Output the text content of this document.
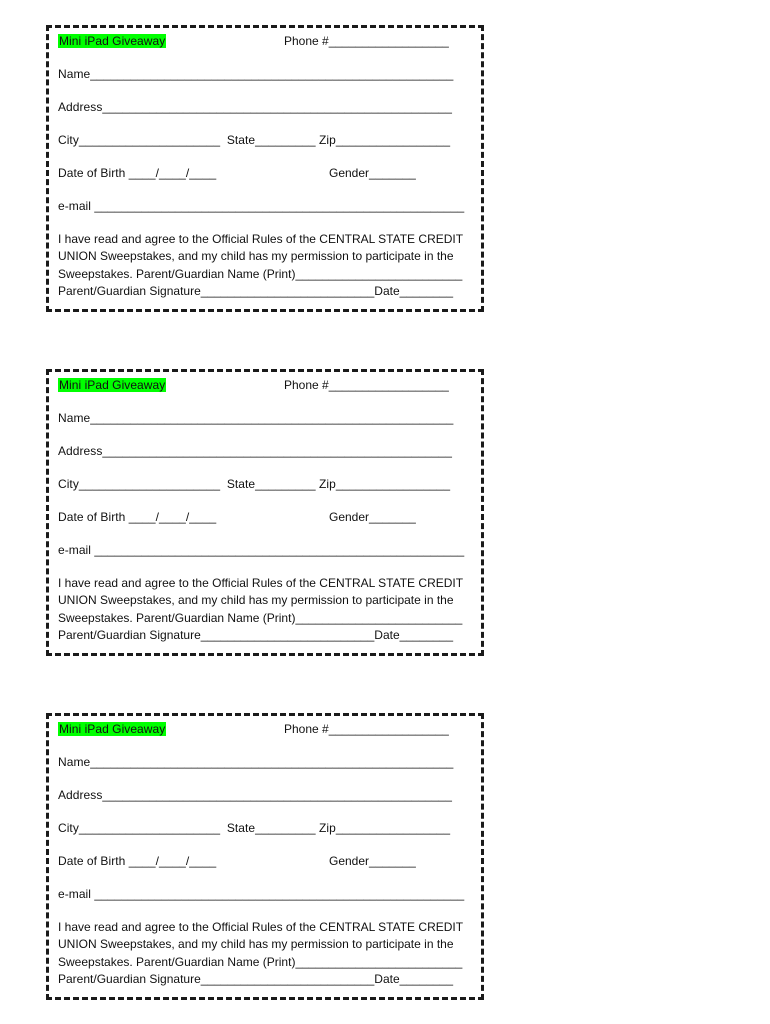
Mini iPad Giveaway	Phone #__________________
Name______________________________________________________
Address____________________________________________________
City_____________________  State_________ Zip_________________
Date of Birth ____/____/____	Gender_______
e-mail _______________________________________________________
I have read and agree to the Official Rules of the CENTRAL STATE CREDIT
UNION Sweepstakes, and my child has my permission to participate in the
Sweepstakes. Parent/Guardian Name (Print)_________________________
Parent/Guardian Signature__________________________Date________
Mini iPad Giveaway	Phone #__________________
Name______________________________________________________
Address____________________________________________________
City_____________________  State_________ Zip_________________
Date of Birth ____/____/____	Gender_______
e-mail _______________________________________________________
I have read and agree to the Official Rules of the CENTRAL STATE CREDIT
UNION Sweepstakes, and my child has my permission to participate in the
Sweepstakes. Parent/Guardian Name (Print)_________________________
Parent/Guardian Signature__________________________Date________
Mini iPad Giveaway	Phone #__________________
Name______________________________________________________
Address____________________________________________________
City_____________________  State_________ Zip_________________
Date of Birth ____/____/____	Gender_______
e-mail _______________________________________________________
I have read and agree to the Official Rules of the CENTRAL STATE CREDIT
UNION Sweepstakes, and my child has my permission to participate in the
Sweepstakes. Parent/Guardian Name (Print)_________________________
Parent/Guardian Signature__________________________Date________
